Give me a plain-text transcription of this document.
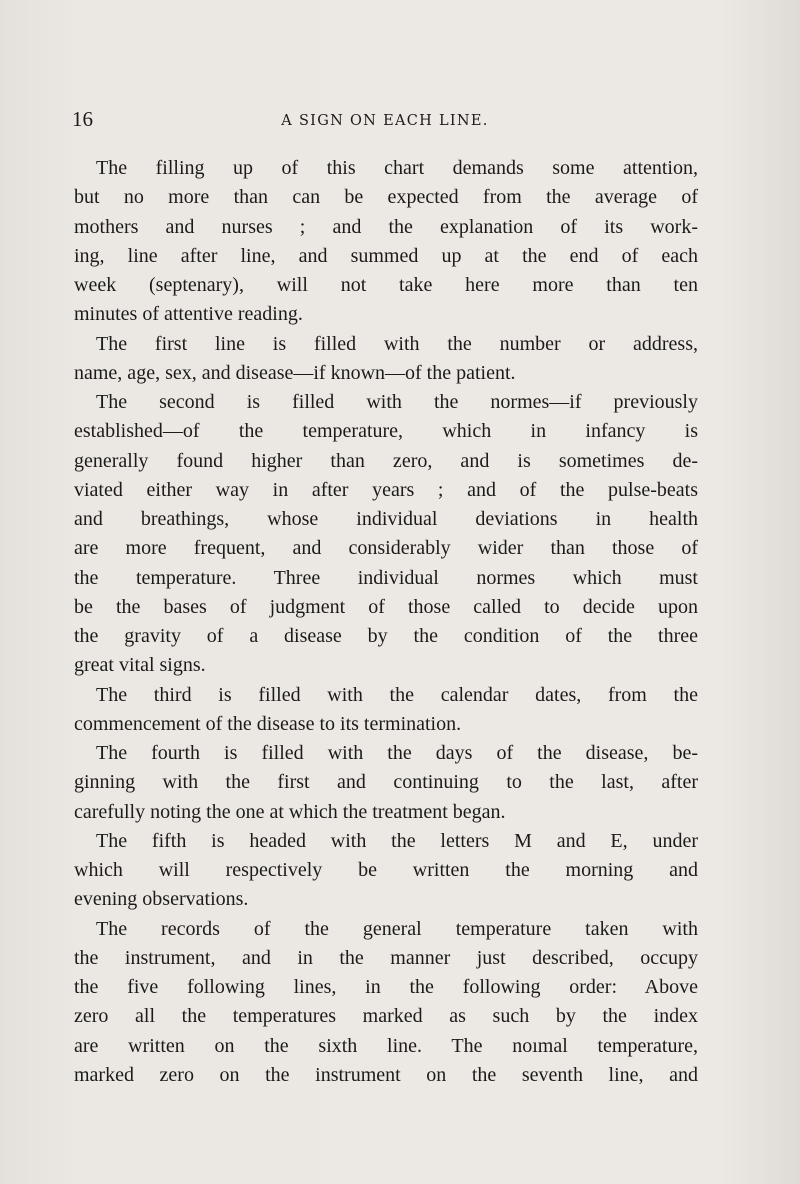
16	A SIGN ON EACH LINE.
The filling up of this chart demands some attention,
but no more than can be expected from the average of
mothers and nurses ; and the explanation of its work-
ing, line after line, and summed up at the end of each
week (septenary), will not take here more than ten
minutes of attentive reading.
The first line is filled with the number or address,
name, age, sex, and disease—if known—of the patient.
The second is filled with the normes—if previously
established—of the temperature, which in infancy is
generally found higher than zero, and is sometimes de-
viated either way in after years ; and of the pulse-beats
and breathings, whose individual deviations in health
are more frequent, and considerably wider than those of
the temperature. Three individual normes which must
be the bases of judgment of those called to decide upon
the gravity of a disease by the condition of the three
great vital signs.
The third is filled with the calendar dates, from the
commencement of the disease to its termination.
The fourth is filled with the days of the disease, be-
ginning with the first and continuing to the last, after
carefully noting the one at which the treatment began.
The fifth is headed with the letters M and E, under
which will respectively be written the morning and
evening observations.
The records of the general temperature taken with
the instrument, and in the manner just described, occupy
the five following lines, in the following order: Above
zero all the temperatures marked as such by the index
are written on the sixth line. The noımal temperature,
marked zero on the instrument on the seventh line, and
